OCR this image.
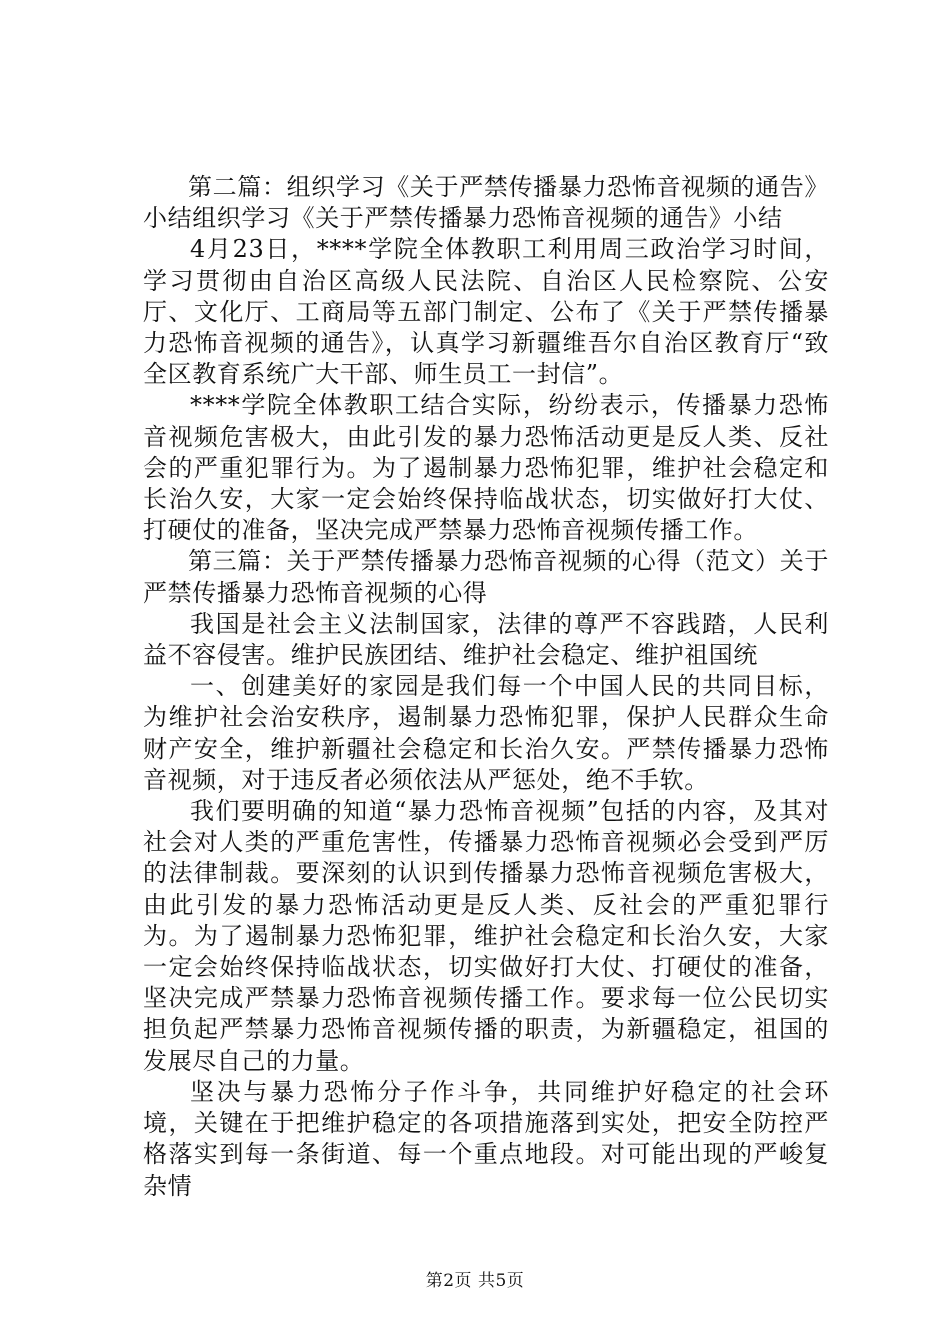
第二篇：组织学习《关于严禁传播暴力恐怖音视频的通告》小结组织学习《关于严禁传播暴力恐怖音视频的通告》小结

4月23日，****学院全体教职工利用周三政治学习时间，学习贯彻由自治区高级人民法院、自治区人民检察院、公安厅、文化厅、工商局等五部门制定、公布了《关于严禁传播暴力恐怖音视频的通告》，认真学习新疆维吾尔自治区教育厅“致全区教育系统广大干部、师生员工一封信”。

****学院全体教职工结合实际，纷纷表示，传播暴力恐怖音视频危害极大，由此引发的暴力恐怖活动更是反人类、反社会的严重犯罪行为。为了遏制暴力恐怖犯罪，维护社会稳定和长治久安，大家一定会始终保持临战状态，切实做好打大仗、打硬仗的准备，坚决完成严禁暴力恐怖音视频传播工作。

第三篇：关于严禁传播暴力恐怖音视频的心得（范文）关于严禁传播暴力恐怖音视频的心得

我国是社会主义法制国家，法律的尊严不容践踏，人民利益不容侵害。维护民族团结、维护社会稳定、维护祖国统

一、创建美好的家园是我们每一个中国人民的共同目标，为维护社会治安秩序，遏制暴力恐怖犯罪，保护人民群众生命财产安全，维护新疆社会稳定和长治久安。严禁传播暴力恐怖音视频，对于违反者必须依法从严惩处，绝不手软。

我们要明确的知道“暴力恐怖音视频”包括的内容，及其对社会对人类的严重危害性，传播暴力恐怖音视频必会受到严厉的法律制裁。要深刻的认识到传播暴力恐怖音视频危害极大，由此引发的暴力恐怖活动更是反人类、反社会的严重犯罪行为。为了遏制暴力恐怖犯罪，维护社会稳定和长治久安，大家一定会始终保持临战状态，切实做好打大仗、打硬仗的准备，坚决完成严禁暴力恐怖音视频传播工作。要求每一位公民切实担负起严禁暴力恐怖音视频传播的职责，为新疆稳定，祖国的发展尽自己的力量。

坚决与暴力恐怖分子作斗争，共同维护好稳定的社会环境，关键在于把维护稳定的各项措施落到实处，把安全防控严格落实到每一条街道、每一个重点地段。对可能出现的严峻复杂情

第2页 共5页
